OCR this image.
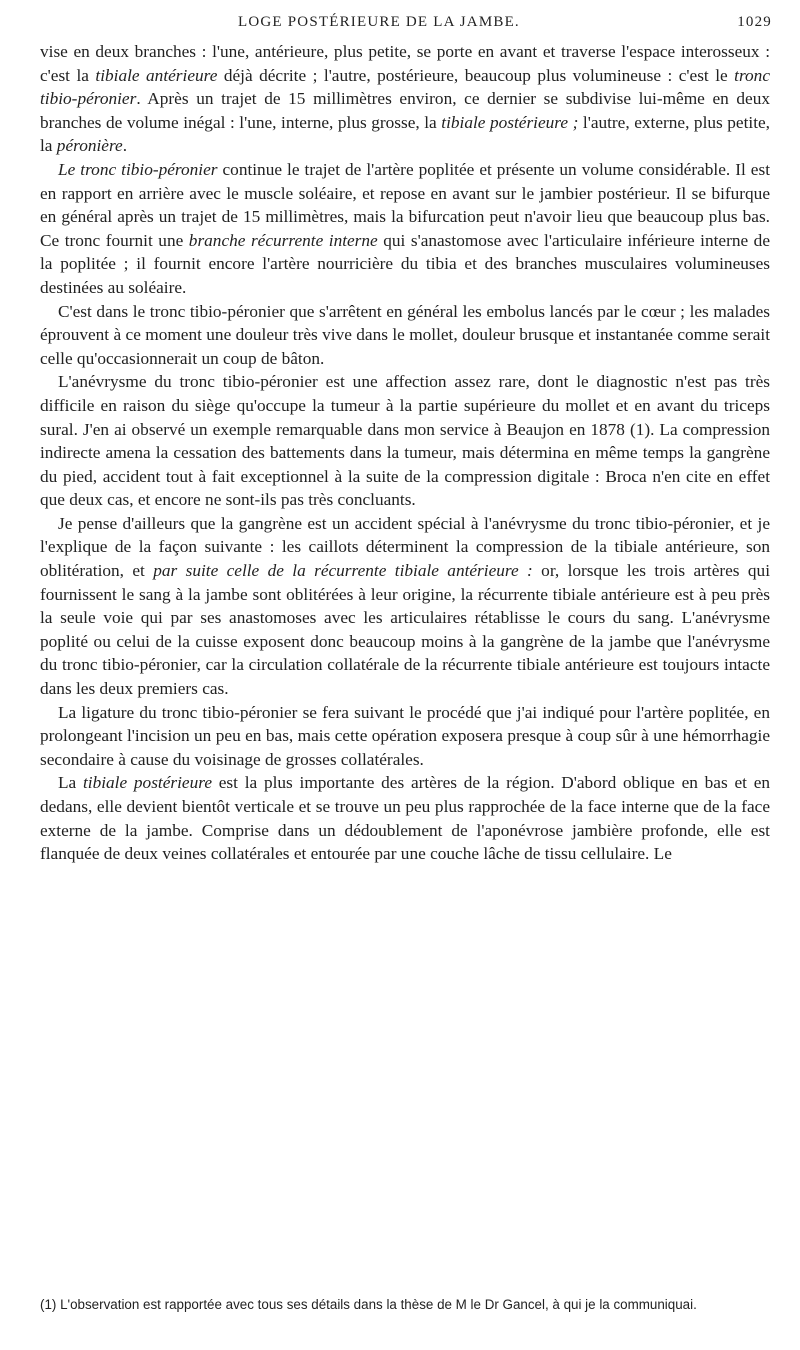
LOGE POSTÉRIEURE DE LA JAMBE.	1029

vise en deux branches : l'une, antérieure, plus petite, se porte en avant et traverse l'espace interosseux : c'est la tibiale antérieure déjà décrite ; l'autre, postérieure, beaucoup plus volumineuse : c'est le tronc tibio-péronier. Après un trajet de 15 millimètres environ, ce dernier se subdivise lui-même en deux branches de volume inégal : l'une, interne, plus grosse, la tibiale postérieure ; l'autre, externe, plus petite, la péronière.

Le tronc tibio-péronier continue le trajet de l'artère poplitée et présente un volume considérable. Il est en rapport en arrière avec le muscle soléaire, et repose en avant sur le jambier postérieur. Il se bifurque en général après un trajet de 15 millimètres, mais la bifurcation peut n'avoir lieu que beaucoup plus bas. Ce tronc fournit une branche récurrente interne qui s'anastomose avec l'articulaire inférieure interne de la poplitée ; il fournit encore l'artère nourricière du tibia et des branches musculaires volumineuses destinées au soléaire.

C'est dans le tronc tibio-péronier que s'arrêtent en général les embolus lancés par le cœur ; les malades éprouvent à ce moment une douleur très vive dans le mollet, douleur brusque et instantanée comme serait celle qu'occasionnerait un coup de bâton.

L'anévrysme du tronc tibio-péronier est une affection assez rare, dont le diagnostic n'est pas très difficile en raison du siège qu'occupe la tumeur à la partie supérieure du mollet et en avant du triceps sural. J'en ai observé un exemple remarquable dans mon service à Beaujon en 1878 (1). La compression indirecte amena la cessation des battements dans la tumeur, mais détermina en même temps la gangrène du pied, accident tout à fait exceptionnel à la suite de la compression digitale : Broca n'en cite en effet que deux cas, et encore ne sont-ils pas très concluants.

Je pense d'ailleurs que la gangrène est un accident spécial à l'anévrysme du tronc tibio-péronier, et je l'explique de la façon suivante : les caillots déterminent la compression de la tibiale antérieure, son oblitération, et par suite celle de la récurrente tibiale antérieure : or, lorsque les trois artères qui fournissent le sang à la jambe sont oblitérées à leur origine, la récurrente tibiale antérieure est à peu près la seule voie qui par ses anastomoses avec les articulaires rétablisse le cours du sang. L'anévrysme poplité ou celui de la cuisse exposent donc beaucoup moins à la gangrène de la jambe que l'anévrysme du tronc tibio-péronier, car la circulation collatérale de la récurrente tibiale antérieure est toujours intacte dans les deux premiers cas.

La ligature du tronc tibio-péronier se fera suivant le procédé que j'ai indiqué pour l'artère poplitée, en prolongeant l'incision un peu en bas, mais cette opération exposera presque à coup sûr à une hémorrhagie secondaire à cause du voisinage de grosses collatérales.

La tibiale postérieure est la plus importante des artères de la région. D'abord oblique en bas et en dedans, elle devient bientôt verticale et se trouve un peu plus rapprochée de la face interne que de la face externe de la jambe. Comprise dans un dédoublement de l'aponévrose jambière profonde, elle est flanquée de deux veines collatérales et entourée par une couche lâche de tissu cellulaire. Le

(1) L'observation est rapportée avec tous ses détails dans la thèse de M le Dr Gancel, à qui je la communiquai.
